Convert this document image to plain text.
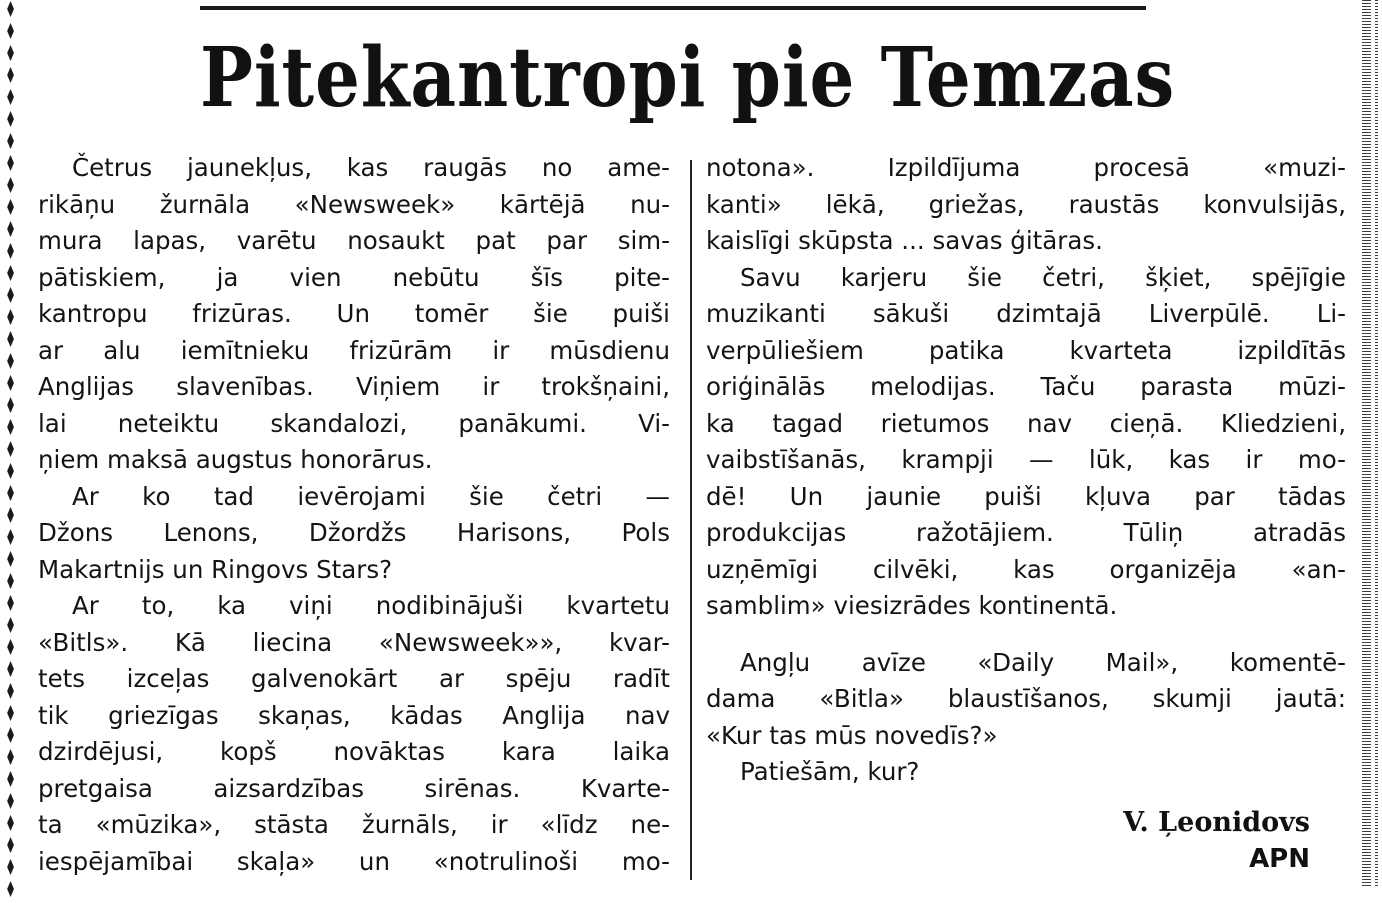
♦
♦
♦
♦
♦
♦
♦
♦
♦
♦
♦
♦
♦
♦
♦
♦
♦
♦
♦
♦
♦
♦
♦
♦
♦
♦
♦
♦
♦
♦
♦
♦
♦
♦
♦
♦
♦
♦
♦
♦
♦
Pitekantropi pie Temzas
Četrus jaunekļus, kas raugās no ame-
rikāņu žurnāla «Newsweek» kārtējā nu-
mura lapas, varētu nosaukt pat par sim-
pātiskiem, ja vien nebūtu šīs pite-
kantropu frizūras. Un tomēr šie puiši
ar alu iemītnieku frizūrām ir mūsdienu
Anglijas slavenības. Viņiem ir trokšņaini,
lai neteiktu skandalozi, panākumi. Vi-
ņiem maksā augstus honorārus.
Ar ko tad ievērojami šie četri —
Džons Lenons, Džordžs Harisons, Pols
Makartnijs un Ringovs Stars?
Ar to, ka viņi nodibinājuši kvartetu
«Bitls». Kā liecina «Newsweek»», kvar-
tets izceļas galvenokārt ar spēju radīt
tik griezīgas skaņas, kādas Anglija nav
dzirdējusi, kopš novāktas kara laika
pretgaisa aizsardzības sirēnas. Kvarte-
ta «mūzika», stāsta žurnāls, ir «līdz ne-
iespējamībai skaļa» un «notrulinoši mo-
notona». Izpildījuma procesā «muzi-
kanti» lēkā, griežas, raustās konvulsijās,
kaislīgi skūpsta ... savas ģitāras.
Savu karjeru šie četri, šķiet, spējīgie
muzikanti sākuši dzimtajā Liverpūlē. Li-
verpūliešiem patika kvarteta izpildītās
oriģinālās melodijas. Taču parasta mūzi-
ka tagad rietumos nav cieņā. Kliedzieni,
vaibstīšanās, krampji — lūk, kas ir mo-
dē! Un jaunie puiši kļuva par tādas
produkcijas ražotājiem. Tūliņ atradās
uzņēmīgi cilvēki, kas organizēja «an-
samblim» viesizrādes kontinentā.
Angļu avīze «Daily Mail», komentē-
dama «Bitla» blaustīšanos, skumji jautā:
«Kur tas mūs novedīs?»
Patiešām, kur?
V. Ļeonidovs
APN
